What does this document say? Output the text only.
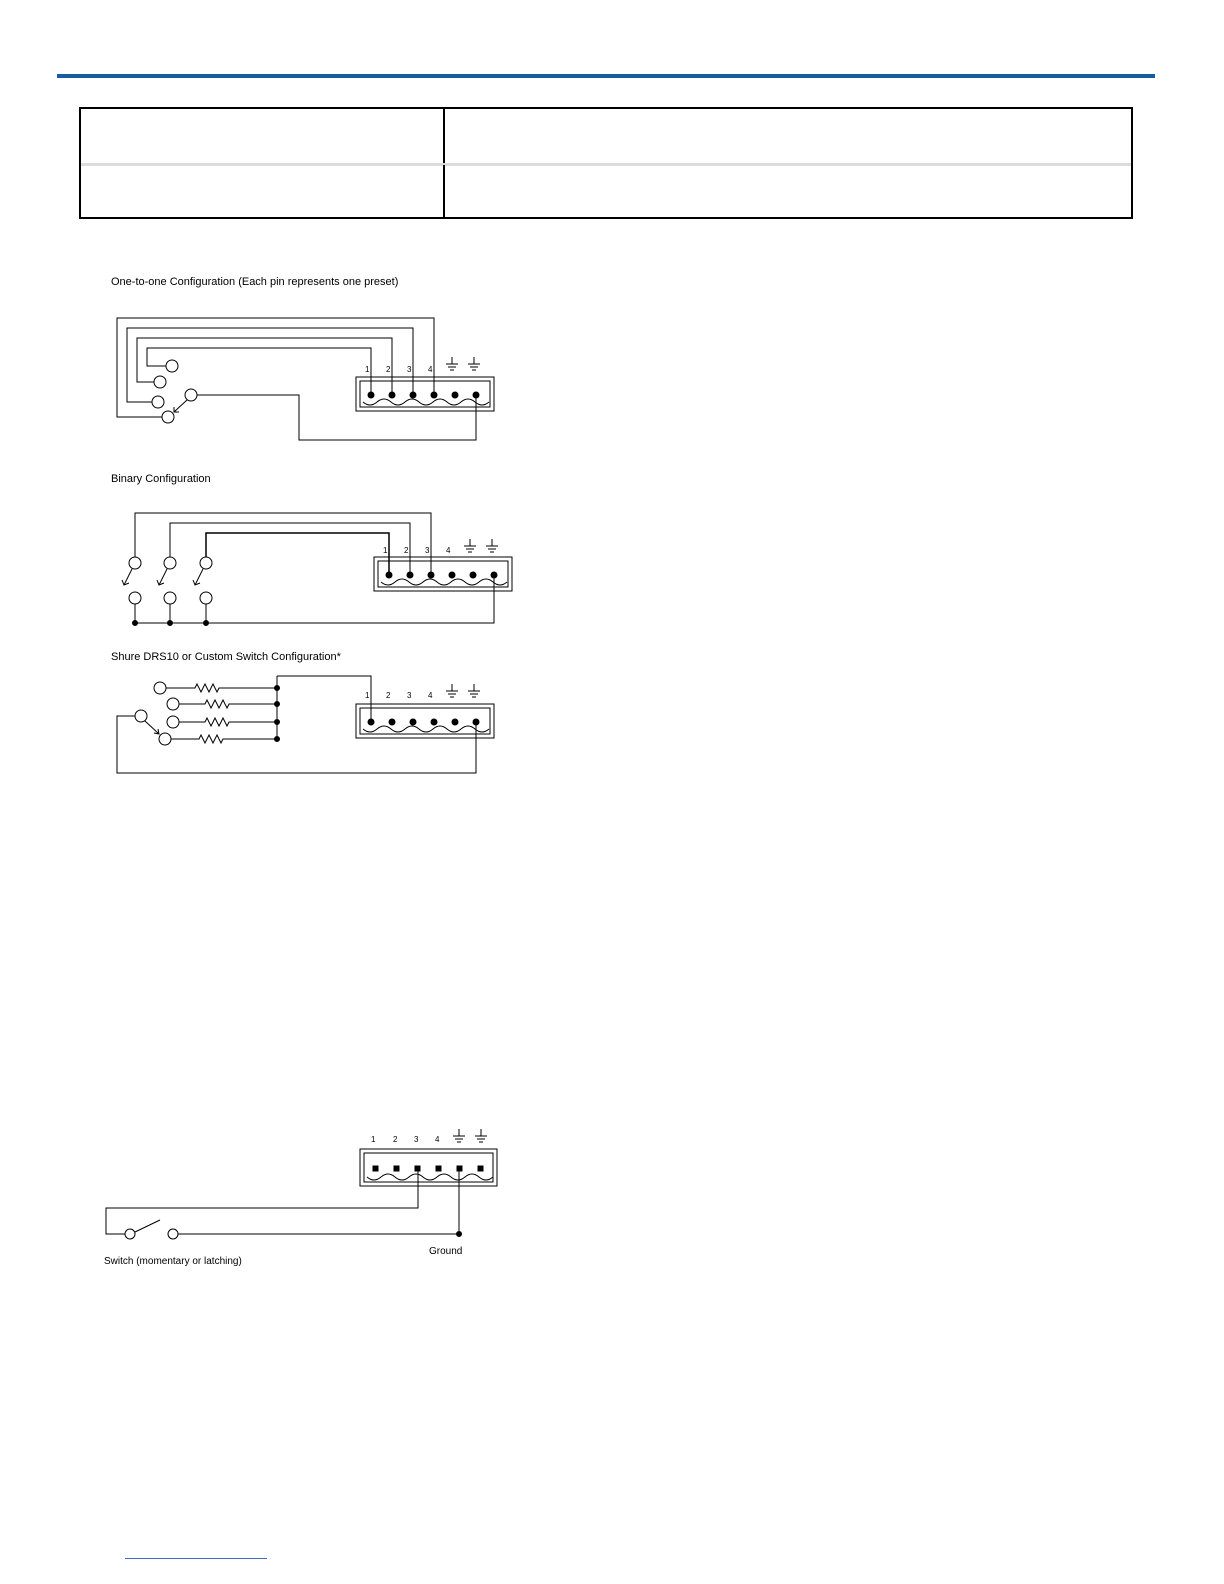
One-to-one Configuration (Each pin represents one preset)
1 2 3 4
Binary Configuration
1 2 3 4
Shure DRS10 or Custom Switch Configuration*
1 2 3 4
1 2 3 4
Switch (momentary or latching)
Ground
